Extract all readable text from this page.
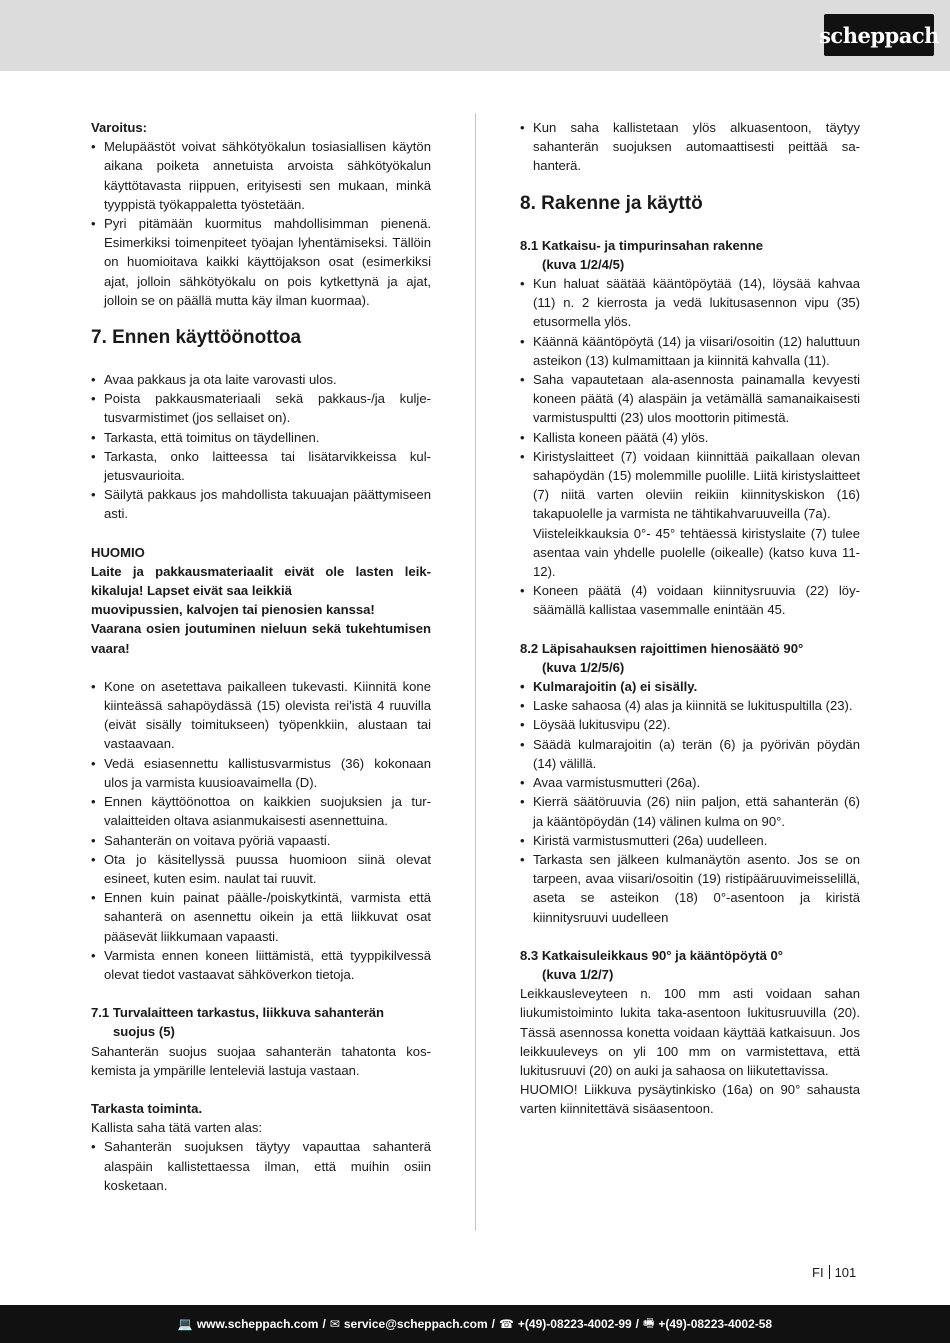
scheppach

Varoitus:

• Melupäästöt voivat sähkötyökalun tosiasiallisen käytön aikana poiketa annetuista arvoista sähkötyökalun käyttötavasta riippuen, erityisesti sen mukaan, minkä tyyppistä työkappaletta työstetään.
• Pyri pitämään kuormitus mahdollisimman pienenä. Esimerkiksi toimenpiteet työajan lyhentämiseksi. Tällöin on huomioitava kaikki käyttöjakson osat (esimerkiksi ajat, jolloin sähkötyökalu on pois kytkettynä ja ajat, jolloin se on päällä mutta käy ilman kuormaa).
7. Ennen käyttöönottoa
• Avaa pakkaus ja ota laite varovasti ulos.
• Poista pakkausmateriaali sekä pakkaus-/ja kuljetusvarmistimet (jos sellaiset on).
• Tarkasta, että toimitus on täydellinen.
• Tarkasta, onko laitteessa tai lisätarvikkeissa kuljetusvaurioita.
• Säilytä pakkaus jos mahdollista takuuajan päättymiseen asti.

HUOMIO

Laite ja pakkausmateriaalit eivät ole lasten leikkikaluja! Lapset eivät saa leikkiä

muovipussien, kalvojen tai pienosien kanssa!

Vaarana osien joutuminen nieluun sekä tukehtumisen vaara!

• Kone on asetettava paikalleen tukevasti. Kiinnitä kone kiinteässä sahapöydässä (15) olevista rei'istä 4 ruuvilla (eivät sisälly toimitukseen) työpenkkiin, alustaan tai vastaavaan.
• Vedä esiasennettu kallistusvarmistus (36) kokonaan ulos ja varmista kuusioavaimella (D).
• Ennen käyttöönottoa on kaikkien suojuksien ja turvalaitteiden oltava asianmukaisesti asennettuina.
• Sahanterän on voitava pyöriä vapaasti.
• Ota jo käsitellyssä puussa huomioon siinä olevat esineet, kuten esim. naulat tai ruuvit.
• Ennen kuin painat päälle-/poiskytkintä, varmista että sahanterä on asennettu oikein ja että liikkuvat osat pääsevät liikkumaan vapaasti.
• Varmista ennen koneen liittämistä, että tyyppikilvessä olevat tiedot vastaavat sähköverkon tietoja.

7.1 Turvalaitteen tarkastus, liikkuva sahanterän
suojus (5)

Sahanterän suojus suojaa sahanterän tahatonta koskemista ja ympärille lenteleviä lastuja vastaan.

Tarkasta toiminta.

Kallista saha tätä varten alas:

• Sahanterän suojuksen täytyy vapauttaa sahanterä alaspäin kallistettaessa ilman, että muihin osiin kosketaan.
• Kun saha kallistetaan ylös alkuasentoon, täytyy sahanterän suojuksen automaattisesti peittää sahanterä.
8. Rakenne ja käyttö

8.1 Katkaisu- ja timpurinsahan rakenne
(kuva 1/2/4/5)

• Kun haluat säätää kääntöpöytää (14), löysää kahvaa (11) n. 2 kierrosta ja vedä lukitusasennon vipu (35) etusormella ylös.
• Käännä kääntöpöytä (14) ja viisari/osoitin (12) haluttuun asteikon (13) kulmamittaan ja kiinnitä kahvalla (11).
• Saha vapautetaan ala-asennosta painamalla kevyesti koneen päätä (4) alaspäin ja vetämällä samanaikaisesti varmistuspultti (23) ulos moottorin pitimestä.
• Kallista koneen päätä (4) ylös.
• Kiristyslaitteet (7) voidaan kiinnittää paikallaan olevan sahapöydän (15) molemmille puolille. Liitä kiristyslaitteet (7) niitä varten oleviin reikiin kiinnityskiskon (16) takapuolelle ja varmista ne tähtikahvaruuveilla (7a).
Viisteleikkauksia 0°- 45° tehtäessä kiristyslaite (7) tulee asentaa vain yhdelle puolelle (oikealle) (katso kuva 11-12).
• Koneen päätä (4) voidaan kiinnitysruuvia (22) löysäämällä kallistaa vasemmalle enintään 45.

8.2 Läpisahauksen rajoittimen hienosäätö 90°
(kuva 1/2/5/6)

• Kulmarajoitin (a) ei sisälly.
• Laske sahaosa (4) alas ja kiinnitä se lukituspultilla (23).
• Löysää lukitusvipu (22).
• Säädä kulmarajoitin (a) terän (6) ja pyörivän pöydän (14) välillä.
• Avaa varmistusmutteri (26a).
• Kierrä säätöruuvia (26) niin paljon, että sahanterän (6) ja kääntöpöydän (14) välinen kulma on 90°.
• Kiristä varmistusmutteri (26a) uudelleen.
• Tarkasta sen jälkeen kulmanäytön asento. Jos se on tarpeen, avaa viisari/osoitin (19) ristipääruuvimeisselillä, aseta se asteikon (18) 0°-asentoon ja kiristä kiinnitysruuvi uudelleen

8.3 Katkaisuleikkaus 90° ja kääntöpöytä 0°
(kuva 1/2/7)

Leikkausleveyteen n. 100 mm asti voidaan sahan liukumistoiminto lukita taka-asentoon lukitusruuvilla (20). Tässä asennossa konetta voidaan käyttää katkaisuun. Jos leikkuuleveys on yli 100 mm on varmistettava, että lukitusruuvi (20) on auki ja sahaosa on liikutettavissa.

HUOMIO! Liikkuva pysäytinkisko (16a) on 90° sahausta varten kiinnitettävä sisäasentoon.

FI 101
💻 www.scheppach.com / ✉ service@scheppach.com / ☎ +(49)-08223-4002-99 / 🖷 +(49)-08223-4002-58
